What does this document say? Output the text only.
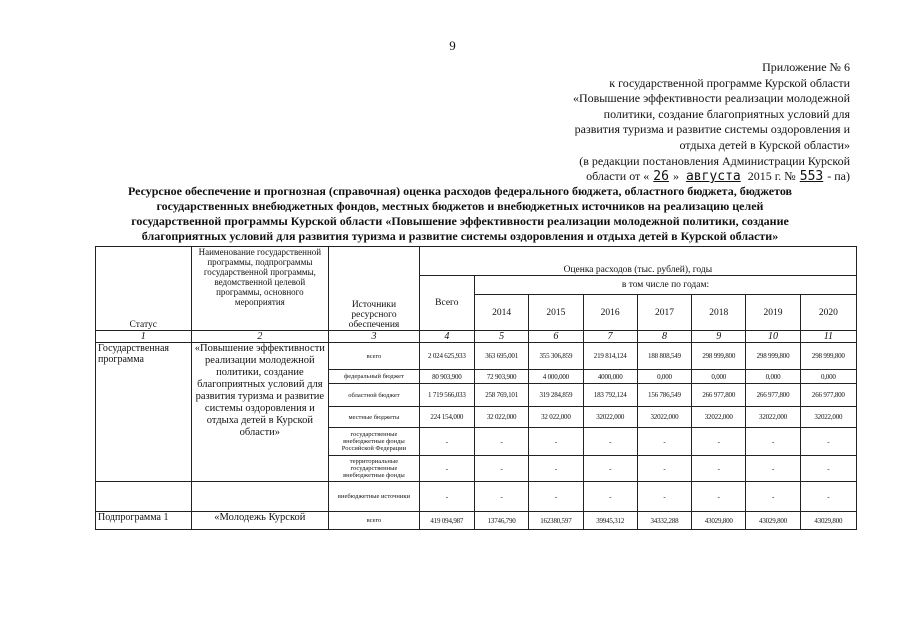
9
Приложение № 6
к государственной программе Курской области
«Повышение эффективности реализации молодежной
политики, создание благоприятных условий для
развития туризма и развитие системы оздоровления и
отдыха детей в Курской области»
(в редакции постановления Администрации Курской
области от « 26 » августа 2015 г. № 553 - па)
Ресурсное обеспечение и прогнозная (справочная) оценка расходов федерального бюджета, областного бюджета, бюджетов
государственных внебюджетных фондов, местных бюджетов и внебюджетных источников на реализацию целей
государственной программы Курской области «Повышение эффективности реализации молодежной политики, создание
благоприятных условий для развития туризма и развитие системы оздоровления и отдыха детей в Курской области»
Статус	Наименование государственной программы, подпрограммы государственной программы, ведомственной целевой программы, основного мероприятия	Источники ресурсного обеспечения	Оценка расходов (тыс. рублей), годы							
			Всего	в том числе по годам:						
				2014	2015	2016	2017	2018	2019	2020
1	2	3	4	5	6	7	8	9	10	11
Государственная программа	«Повышение эффективности реализации молодежной политики, создание благоприятных условий для развития туризма и развитие системы оздоровления и отдыха детей в Курской области»	всего	2 024 625,933	363 695,001	355 306,859	219 814,124	188 808,549	298 999,800	298 999,800	298 999,800
		федеральный бюджет	80 903,900	72 903,900	4 000,000	4000,000	0,000	0,000	0,000	0,000
		областной бюджет	1 719 566,033	258 769,101	319 284,859	183 792,124	156 786,549	266 977,800	266 977,800	266 977,800
		местные бюджеты	224 154,000	32 022,000	32 022,000	32022,000	32022,000	32022,000	32022,000	32022,000
		государственные внебюджетные фонды Российской Федерации	-	-	-	-	-	-	-	-
		территориальные государственные внебюджетные фонды	-	-	-	-	-	-	-	-
		внебюджетные источники	-	-	-	-	-	-	-	-
Подпрограмма 1	«Молодежь Курской	всего	419 094,987	13746,790	162380,597	39945,312	34332,288	43029,800	43029,800	43029,800
